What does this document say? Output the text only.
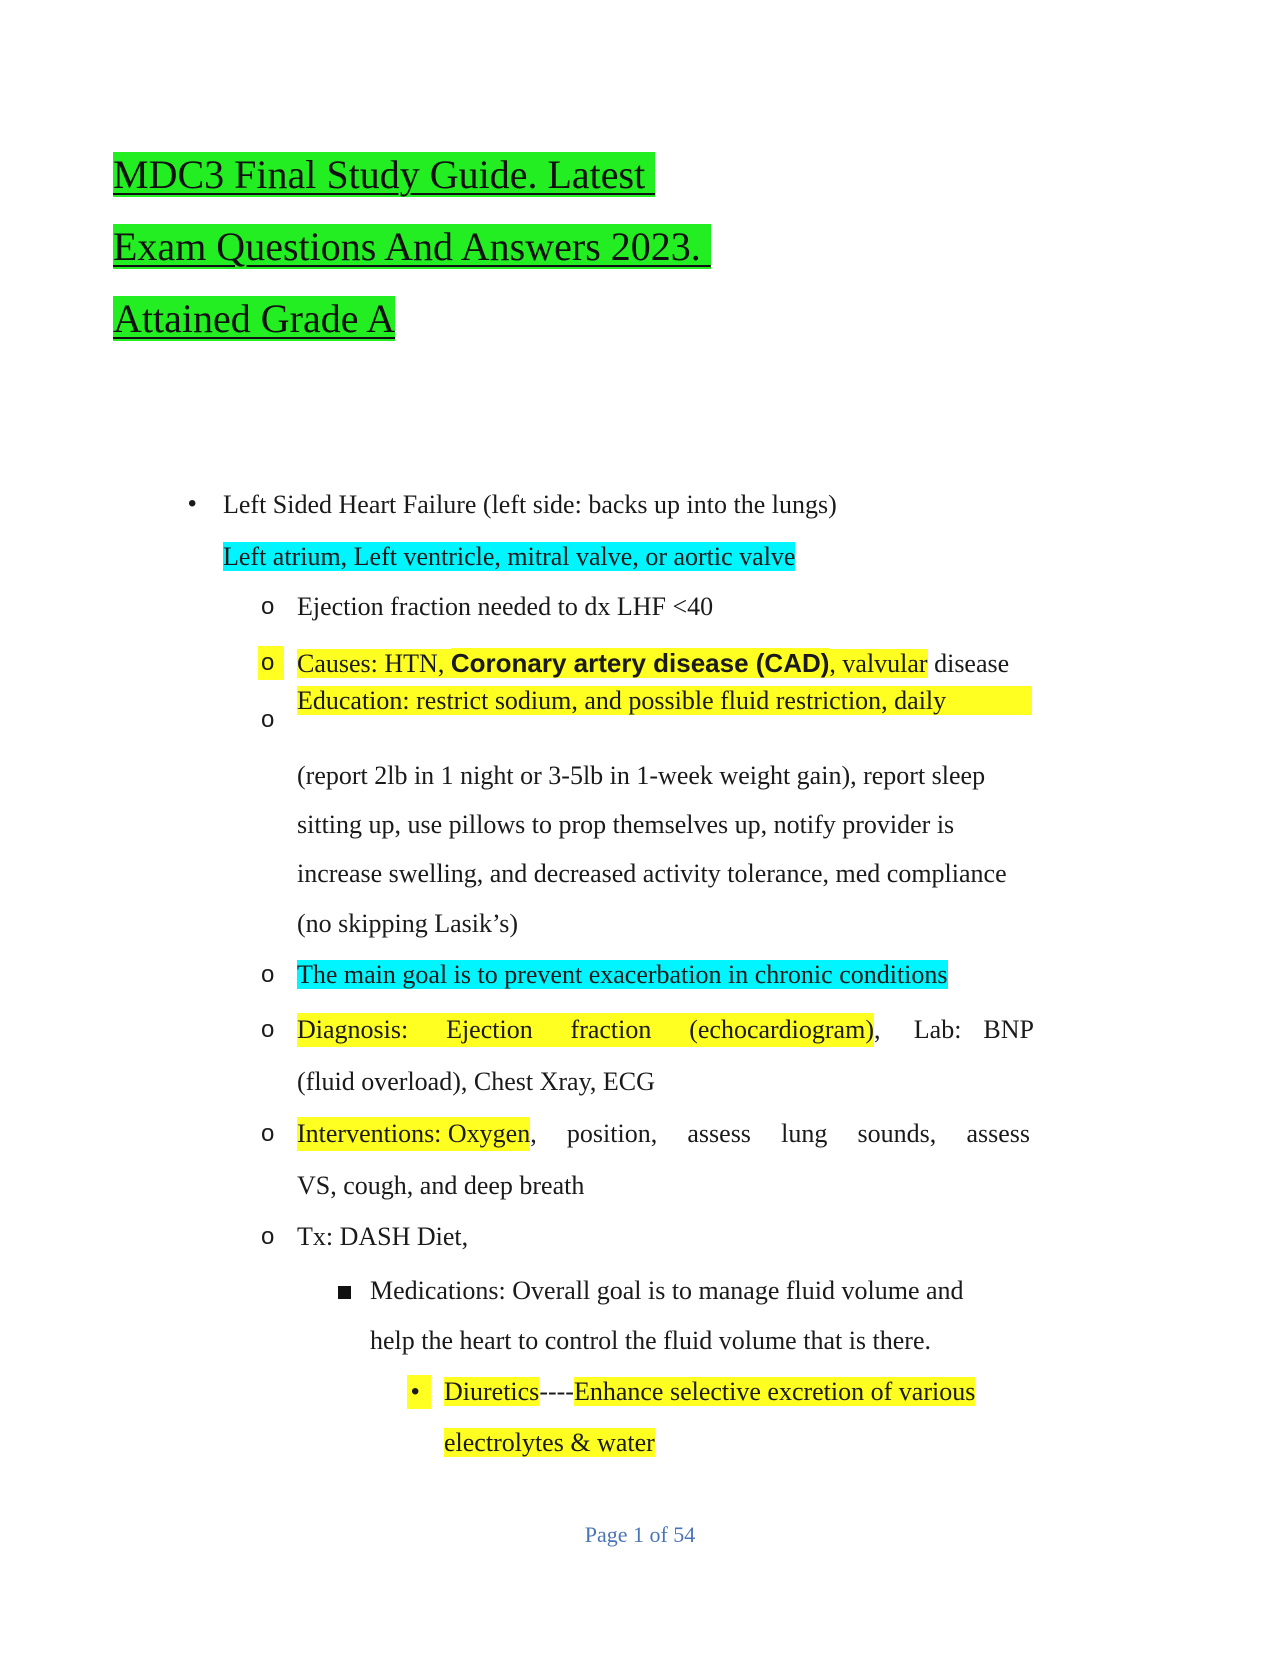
MDC3 Final Study Guide. Latest
Exam Questions And Answers 2023.
Attained Grade A
• Left Sided Heart Failure (left side: backs up into the lungs)
Left atrium, Left ventricle, mitral valve, or aortic valve
o Ejection fraction needed to dx LHF <40
o Causes: HTN, Coronary artery disease (CAD), valvular disease
Education: restrict sodium, and possible fluid restriction, daily
o
(report 2lb in 1 night or 3-5lb in 1-week weight gain), report sleep
sitting up, use pillows to prop themselves up, notify provider is
increase swelling, and decreased activity tolerance, med compliance
(no skipping Lasik’s)
o The main goal is to prevent exacerbation in chronic conditions
o Diagnosis: Ejection fraction (echocardiogram) , Lab: BNP
(fluid overload), Chest Xray, ECG
o Interventions: Oxygen , position, assess lung sounds, assess
VS, cough, and deep breath
o Tx: DASH Diet,
Medications: Overall goal is to manage fluid volume and
help the heart to control the fluid volume that is there.
• Diuretics----Enhance selective excretion of various
electrolytes & water
Page 1 of 54
